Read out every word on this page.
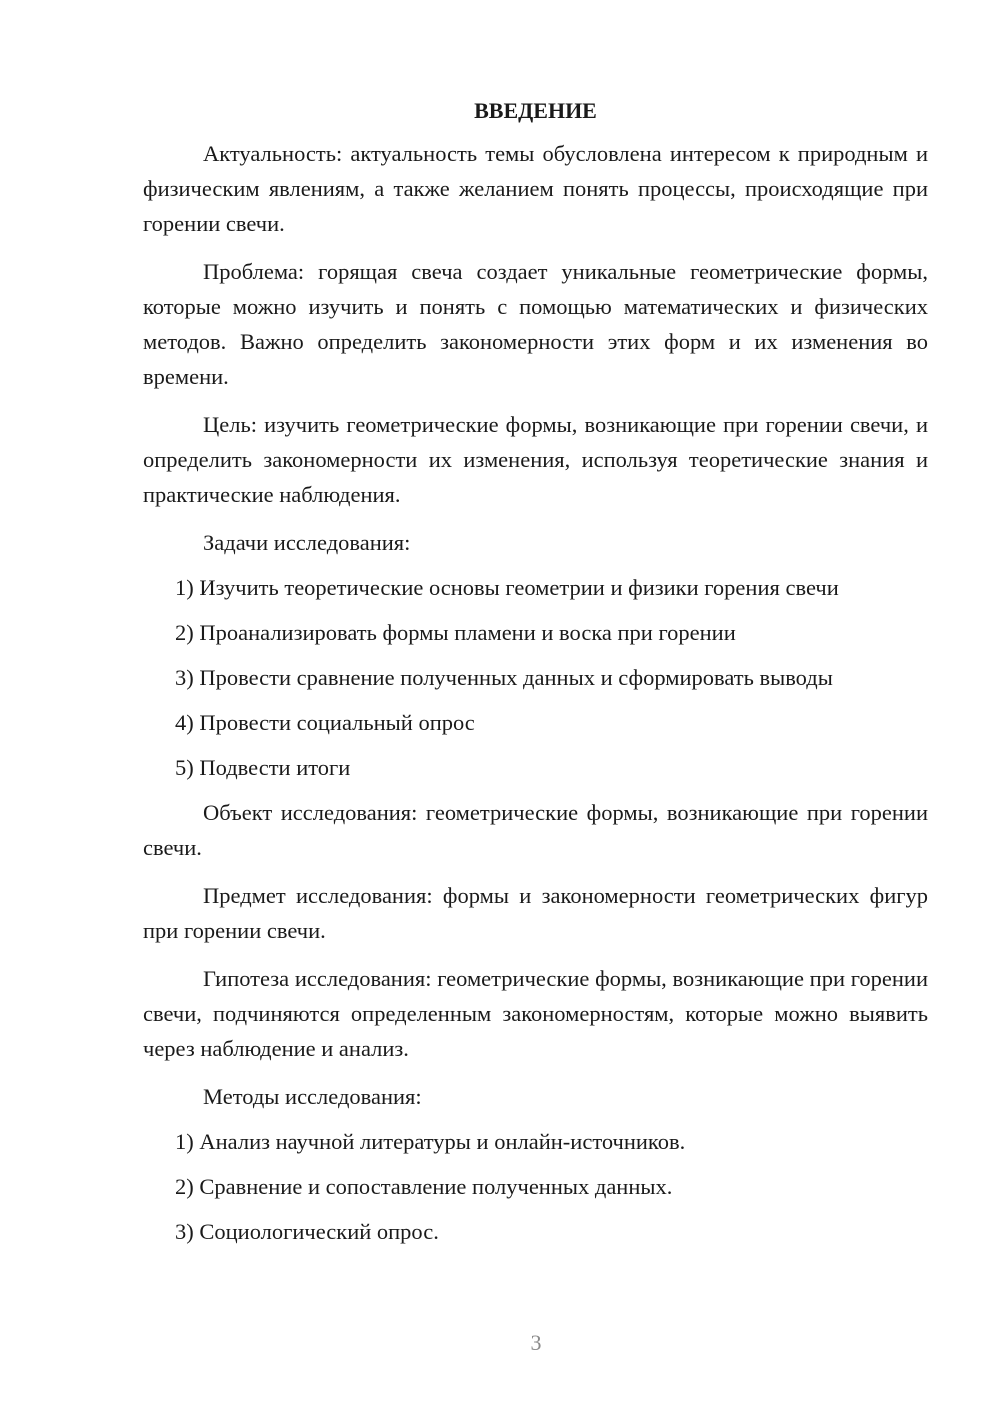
ВВЕДЕНИЕ

Актуальность: актуальность темы обусловлена интересом к природным и физическим явлениям, а также желанием понять процессы, происходящие при горении свечи.

Проблема: горящая свеча создает уникальные геометрические формы, которые можно изучить и понять с помощью математических и физических методов. Важно определить закономерности этих форм и их изменения во времени.

Цель: изучить геометрические формы, возникающие при горении свечи, и определить закономерности их изменения, используя теоретические знания и практические наблюдения.

Задачи исследования:

1) Изучить теоретические основы геометрии и физики горения свечи
2) Проанализировать формы пламени и воска при горении
3) Провести сравнение полученных данных и сформировать выводы
4) Провести социальный опрос
5) Подвести итоги

Объект исследования: геометрические формы, возникающие при горении свечи.

Предмет исследования: формы и закономерности геометрических фигур при горении свечи.

Гипотеза исследования: геометрические формы, возникающие при горении свечи, подчиняются определенным закономерностям, которые можно выявить через наблюдение и анализ.

Методы исследования:

1) Анализ научной литературы и онлайн-источников.
2) Сравнение и сопоставление полученных данных.
3) Социологический опрос.
3
